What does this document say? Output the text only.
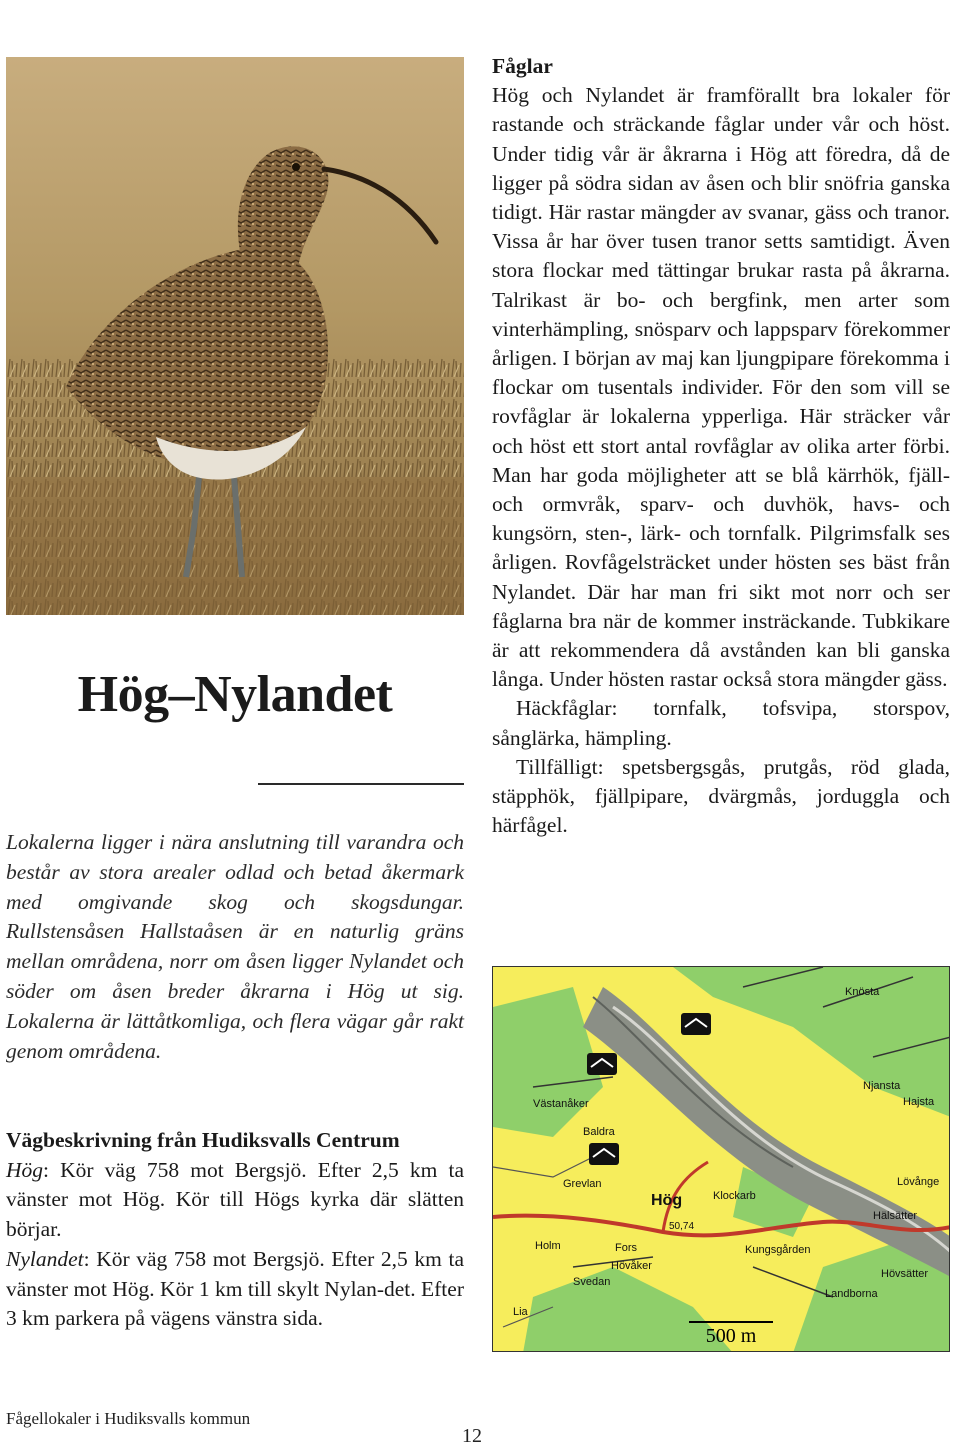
Hög–Nylandet

Lokalerna ligger i nära anslutning till varandra och består av stora arealer odlad och betad åkermark med omgivande skog och skogsdungar. Rullstensåsen Hallstaåsen är en naturlig gräns mellan områdena, norr om åsen ligger Nylandet och söder om åsen breder åkrarna i Hög ut sig. Lokalerna är lättåtkomliga, och flera vägar går rakt genom områdena.

Vägbeskrivning från Hudiksvalls Centrum

Hög: Kör väg 758 mot Bergsjö. Efter 2,5 km ta vänster mot Hög. Kör till Högs kyrka där slätten börjar.

Nylandet: Kör väg 758 mot Bergsjö. Efter 2,5 km ta vänster mot Hög. Kör 1 km till skylt Nylan-det. Efter 3 km parkera på vägens vänstra sida.

Fåglar

Hög och Nylandet är framförallt bra lokaler för rastande och sträckande fåglar under vår och höst. Under tidig vår är åkrarna i Hög att föredra, då de ligger på södra sidan av åsen och blir snöfria ganska tidigt. Här rastar mängder av svanar, gäss och tranor. Vissa år har över tusen tranor setts samtidigt. Även stora flockar med tättingar brukar rasta på åkrarna. Talrikast är bo- och bergfink, men arter som vinterhämpling, snösparv och lappsparv förekommer årligen. I början av maj kan ljungpipare förekomma i flockar om tusentals individer. För den som vill se rovfåglar är lokalerna ypperliga. Här sträcker vår och höst ett stort antal rovfåglar av olika arter förbi. Man har goda möjligheter att se blå kärrhök, fjäll- och ormvråk, sparv- och duvhök, havs- och kungsörn, sten-, lärk- och tornfalk. Pilgrimsfalk ses årligen. Rovfågelsträcket under hösten ses bäst från Nylandet. Där har man fri sikt mot norr och ser fåglarna bra när de kommer insträckande. Tubkikare är att rekommendera då avstånden kan bli ganska långa. Under hösten rastar också stora mängder gäss.

Häckfåglar: tornfalk, tofsvipa, storspov, sånglärka, hämpling.

Tillfälligt: spetsbergsgås, prutgås, röd glada, stäpphök, fjällpipare, dvärgmås, jorduggla och härfågel.

Knösta
Njansta
Hajsta
Västanåker
Baldra
Grevlan
Hög	Klockarb
Holm	Fors
Hälsätter
Hövåker
Kungsgården
Svedan
Lia
Hövsätter
Landborna
Lövånge
50,74
500 m
Fågellokaler i Hudiksvalls kommun
12
